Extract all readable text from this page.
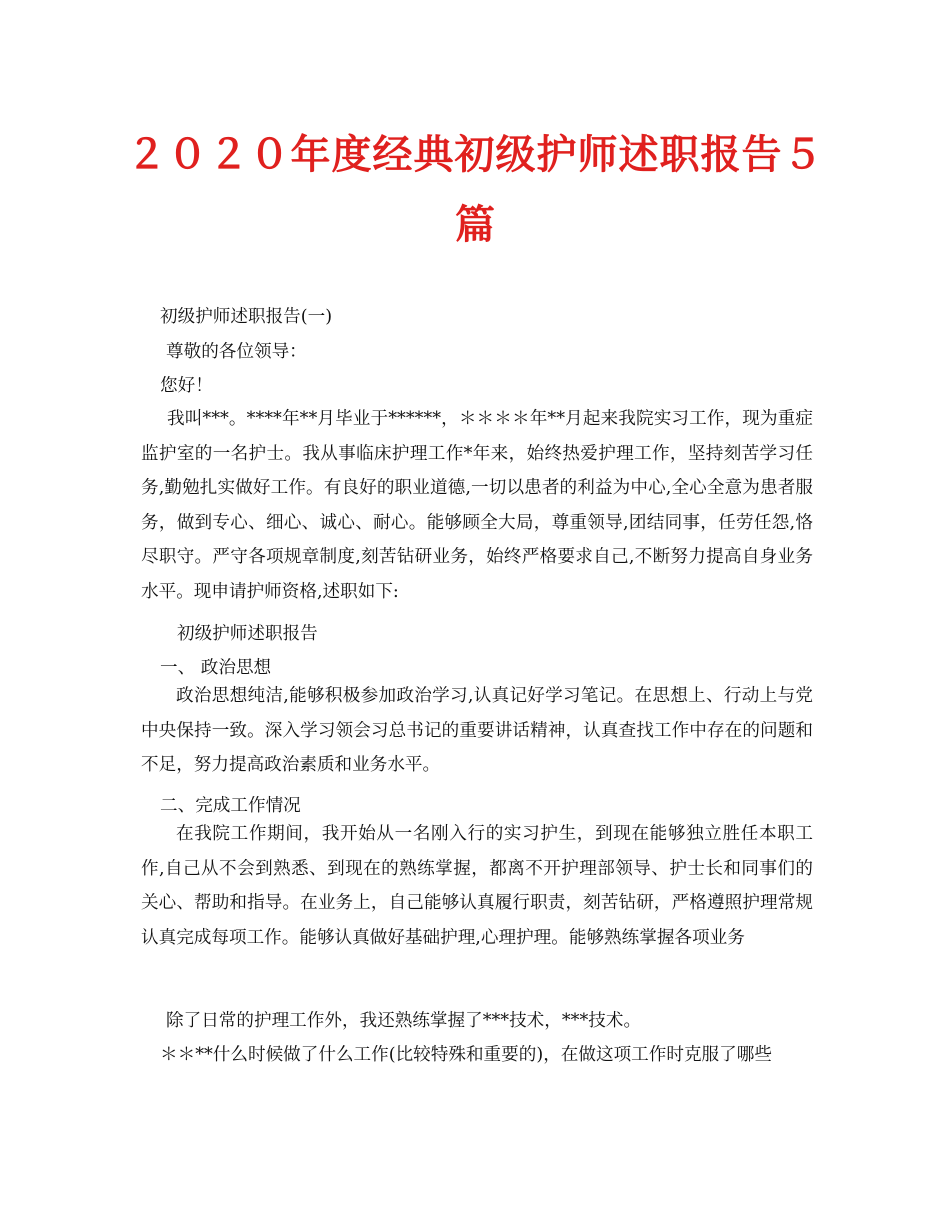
２０２０年度经典初级护师述职报告５
篇
初级护师述职报告(一)
尊敬的各位领导：
您好！
我叫***。****年**月毕业于******，＊＊＊＊年**月起来我院实习工作，现为重症监护室的一名护士。我从事临床护理工作*年来，始终热爱护理工作，坚持刻苦学习任务,勤勉扎实做好工作。有良好的职业道德,一切以患者的利益为中心,全心全意为患者服务，做到专心、细心、诚心、耐心。能够顾全大局，尊重领导,团结同事，任劳任怨,恪尽职守。严守各项规章制度,刻苦钻研业务，始终严格要求自己,不断努力提高自身业务水平。现申请护师资格,述职如下:
初级护师述职报告
一、 政治思想
政治思想纯洁,能够积极参加政治学习,认真记好学习笔记。在思想上、行动上与党中央保持一致。深入学习领会习总书记的重要讲话精神，认真查找工作中存在的问题和不足，努力提高政治素质和业务水平。
二、完成工作情况
在我院工作期间，我开始从一名刚入行的实习护生，到现在能够独立胜任本职工作,自己从不会到熟悉、到现在的熟练掌握，都离不开护理部领导、护士长和同事们的关心、帮助和指导。在业务上，自己能够认真履行职责，刻苦钻研，严格遵照护理常规认真完成每项工作。能够认真做好基础护理,心理护理。能够熟练掌握各项业务
除了日常的护理工作外，我还熟练掌握了***技术，***技术。
＊＊**什么时候做了什么工作(比较特殊和重要的)，在做这项工作时克服了哪些
